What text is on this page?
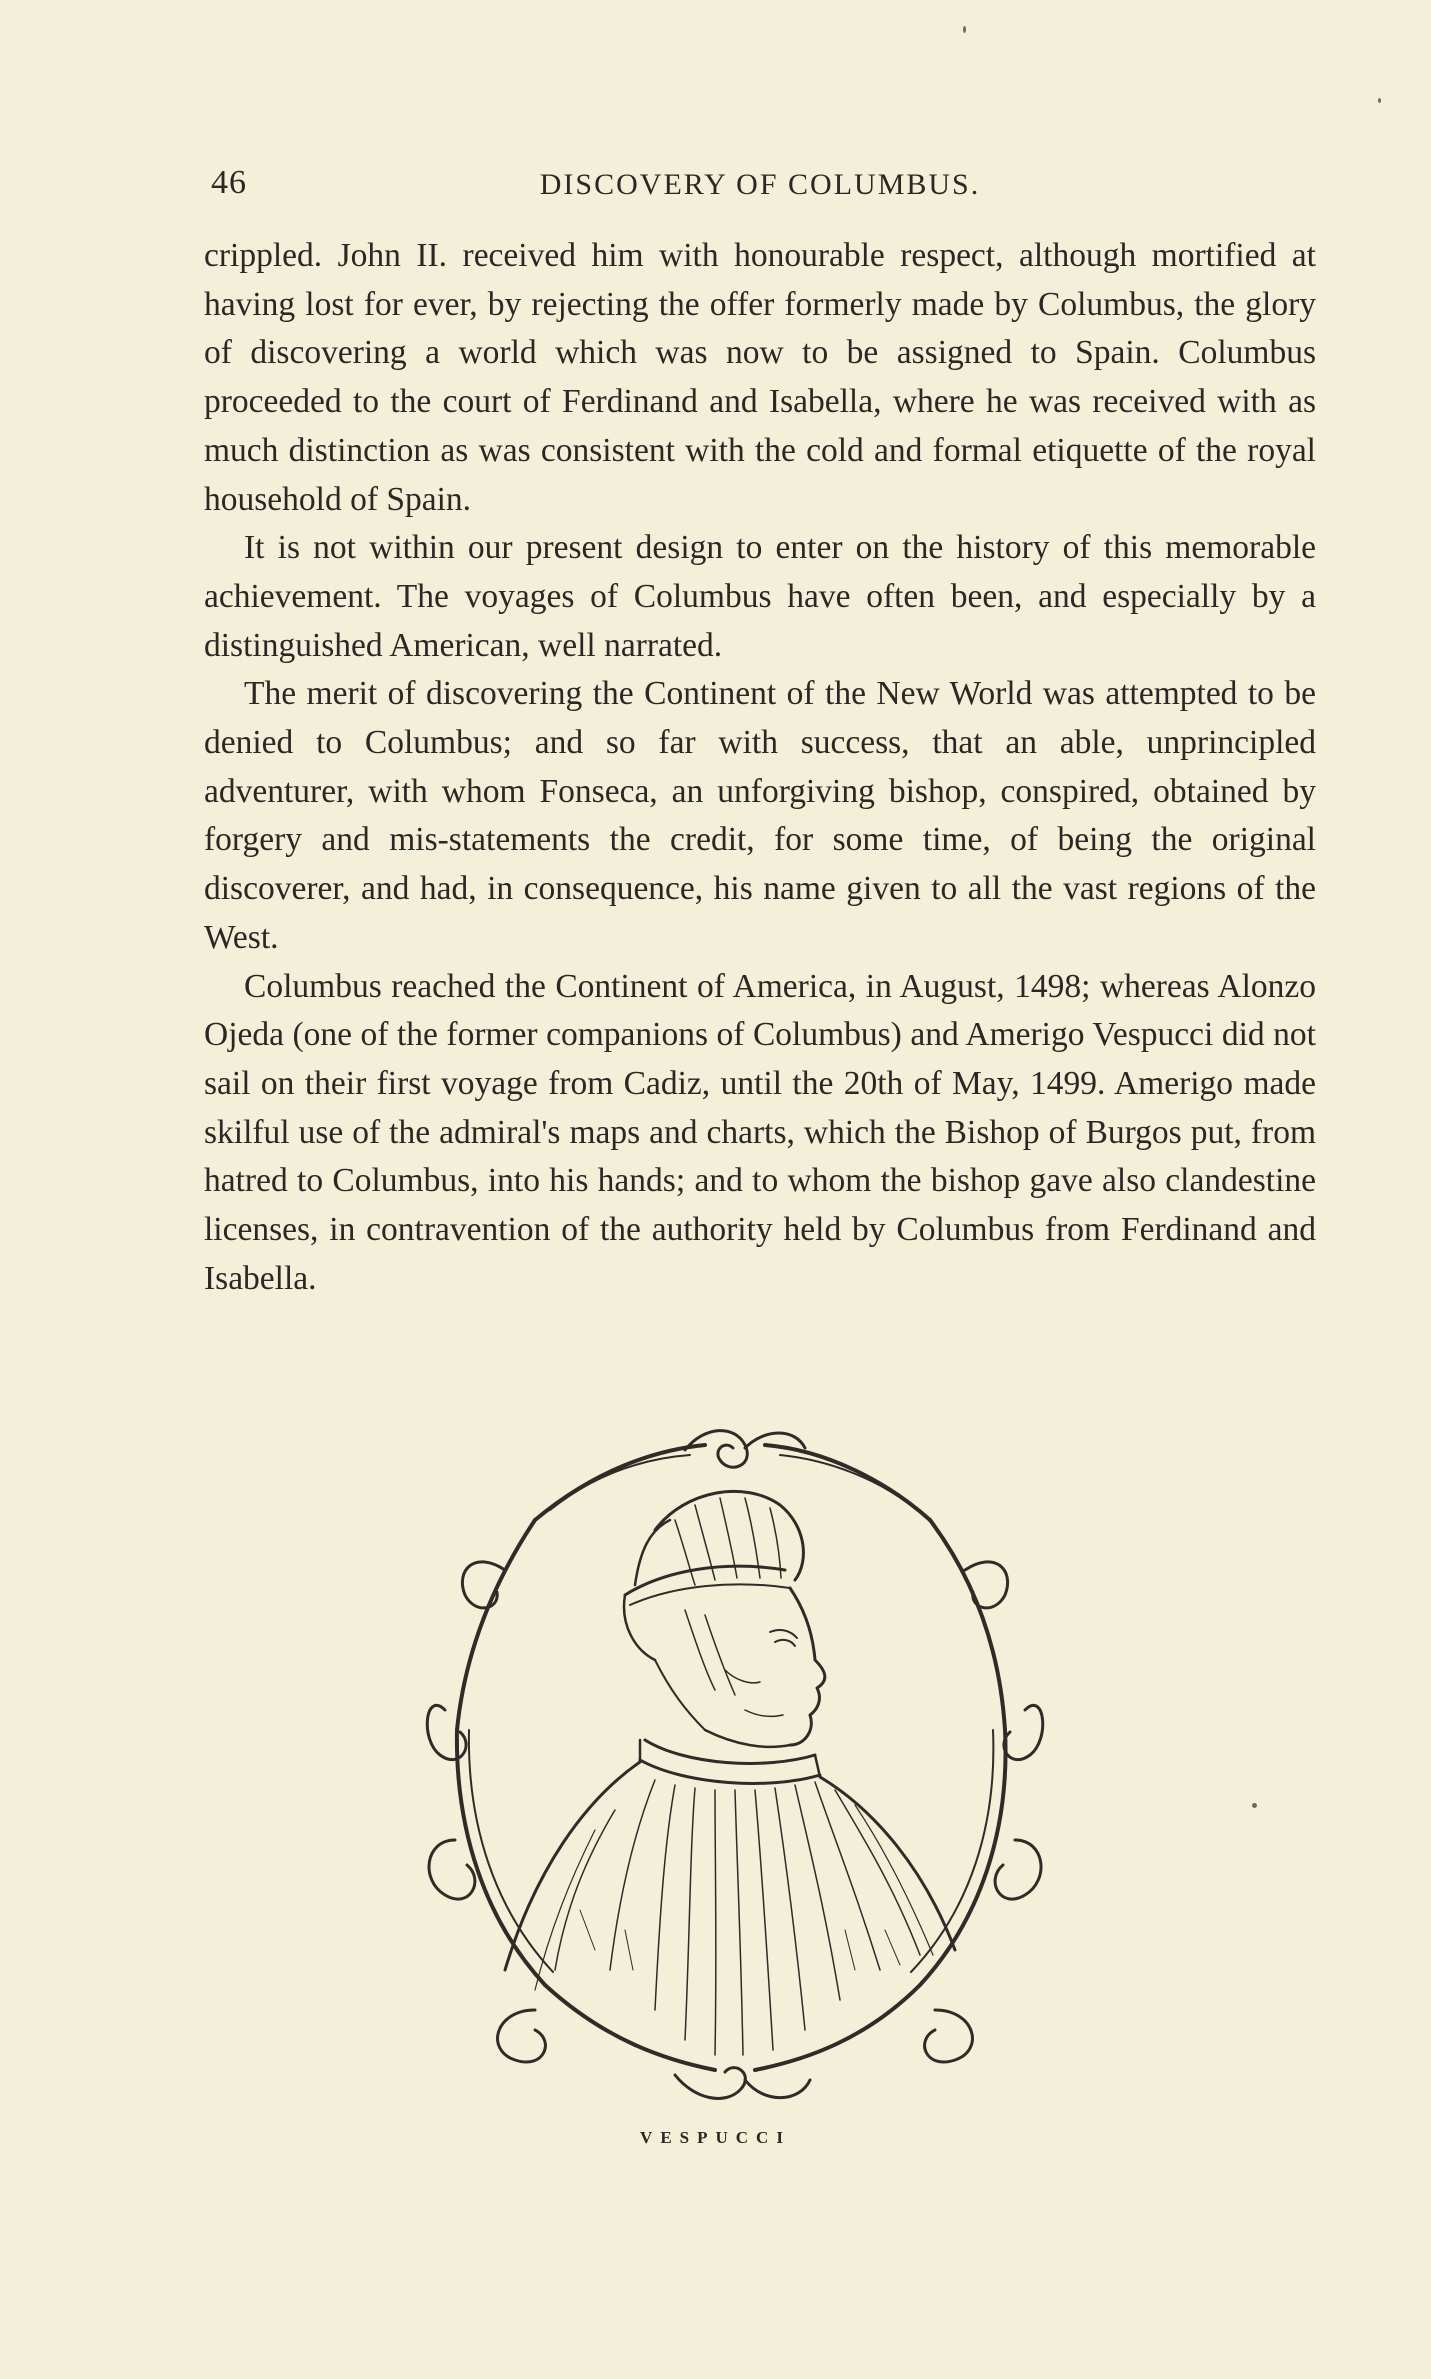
46	DISCOVERY OF COLUMBUS.

crippled. John II. received him with honourable respect, although mortified at having lost for ever, by rejecting the offer formerly made by Columbus, the glory of discovering a world which was now to be assigned to Spain. Columbus proceeded to the court of Ferdinand and Isabella, where he was received with as much distinction as was consistent with the cold and formal etiquette of the royal household of Spain.

It is not within our present design to enter on the history of this memorable achievement. The voyages of Columbus have often been, and especially by a distinguished American, well narrated.

The merit of discovering the Continent of the New World was attempted to be denied to Columbus; and so far with success, that an able, unprincipled adventurer, with whom Fonseca, an unforgiving bishop, conspired, obtained by forgery and mis-statements the credit, for some time, of being the original discoverer, and had, in consequence, his name given to all the vast regions of the West.

Columbus reached the Continent of America, in August, 1498; whereas Alonzo Ojeda (one of the former companions of Columbus) and Amerigo Vespucci did not sail on their first voyage from Cadiz, until the 20th of May, 1499. Amerigo made skilful use of the admiral's maps and charts, which the Bishop of Burgos put, from hatred to Columbus, into his hands; and to whom the bishop gave also clandestine licenses, in contravention of the authority held by Columbus from Ferdinand and Isabella.

VESPUCCI
